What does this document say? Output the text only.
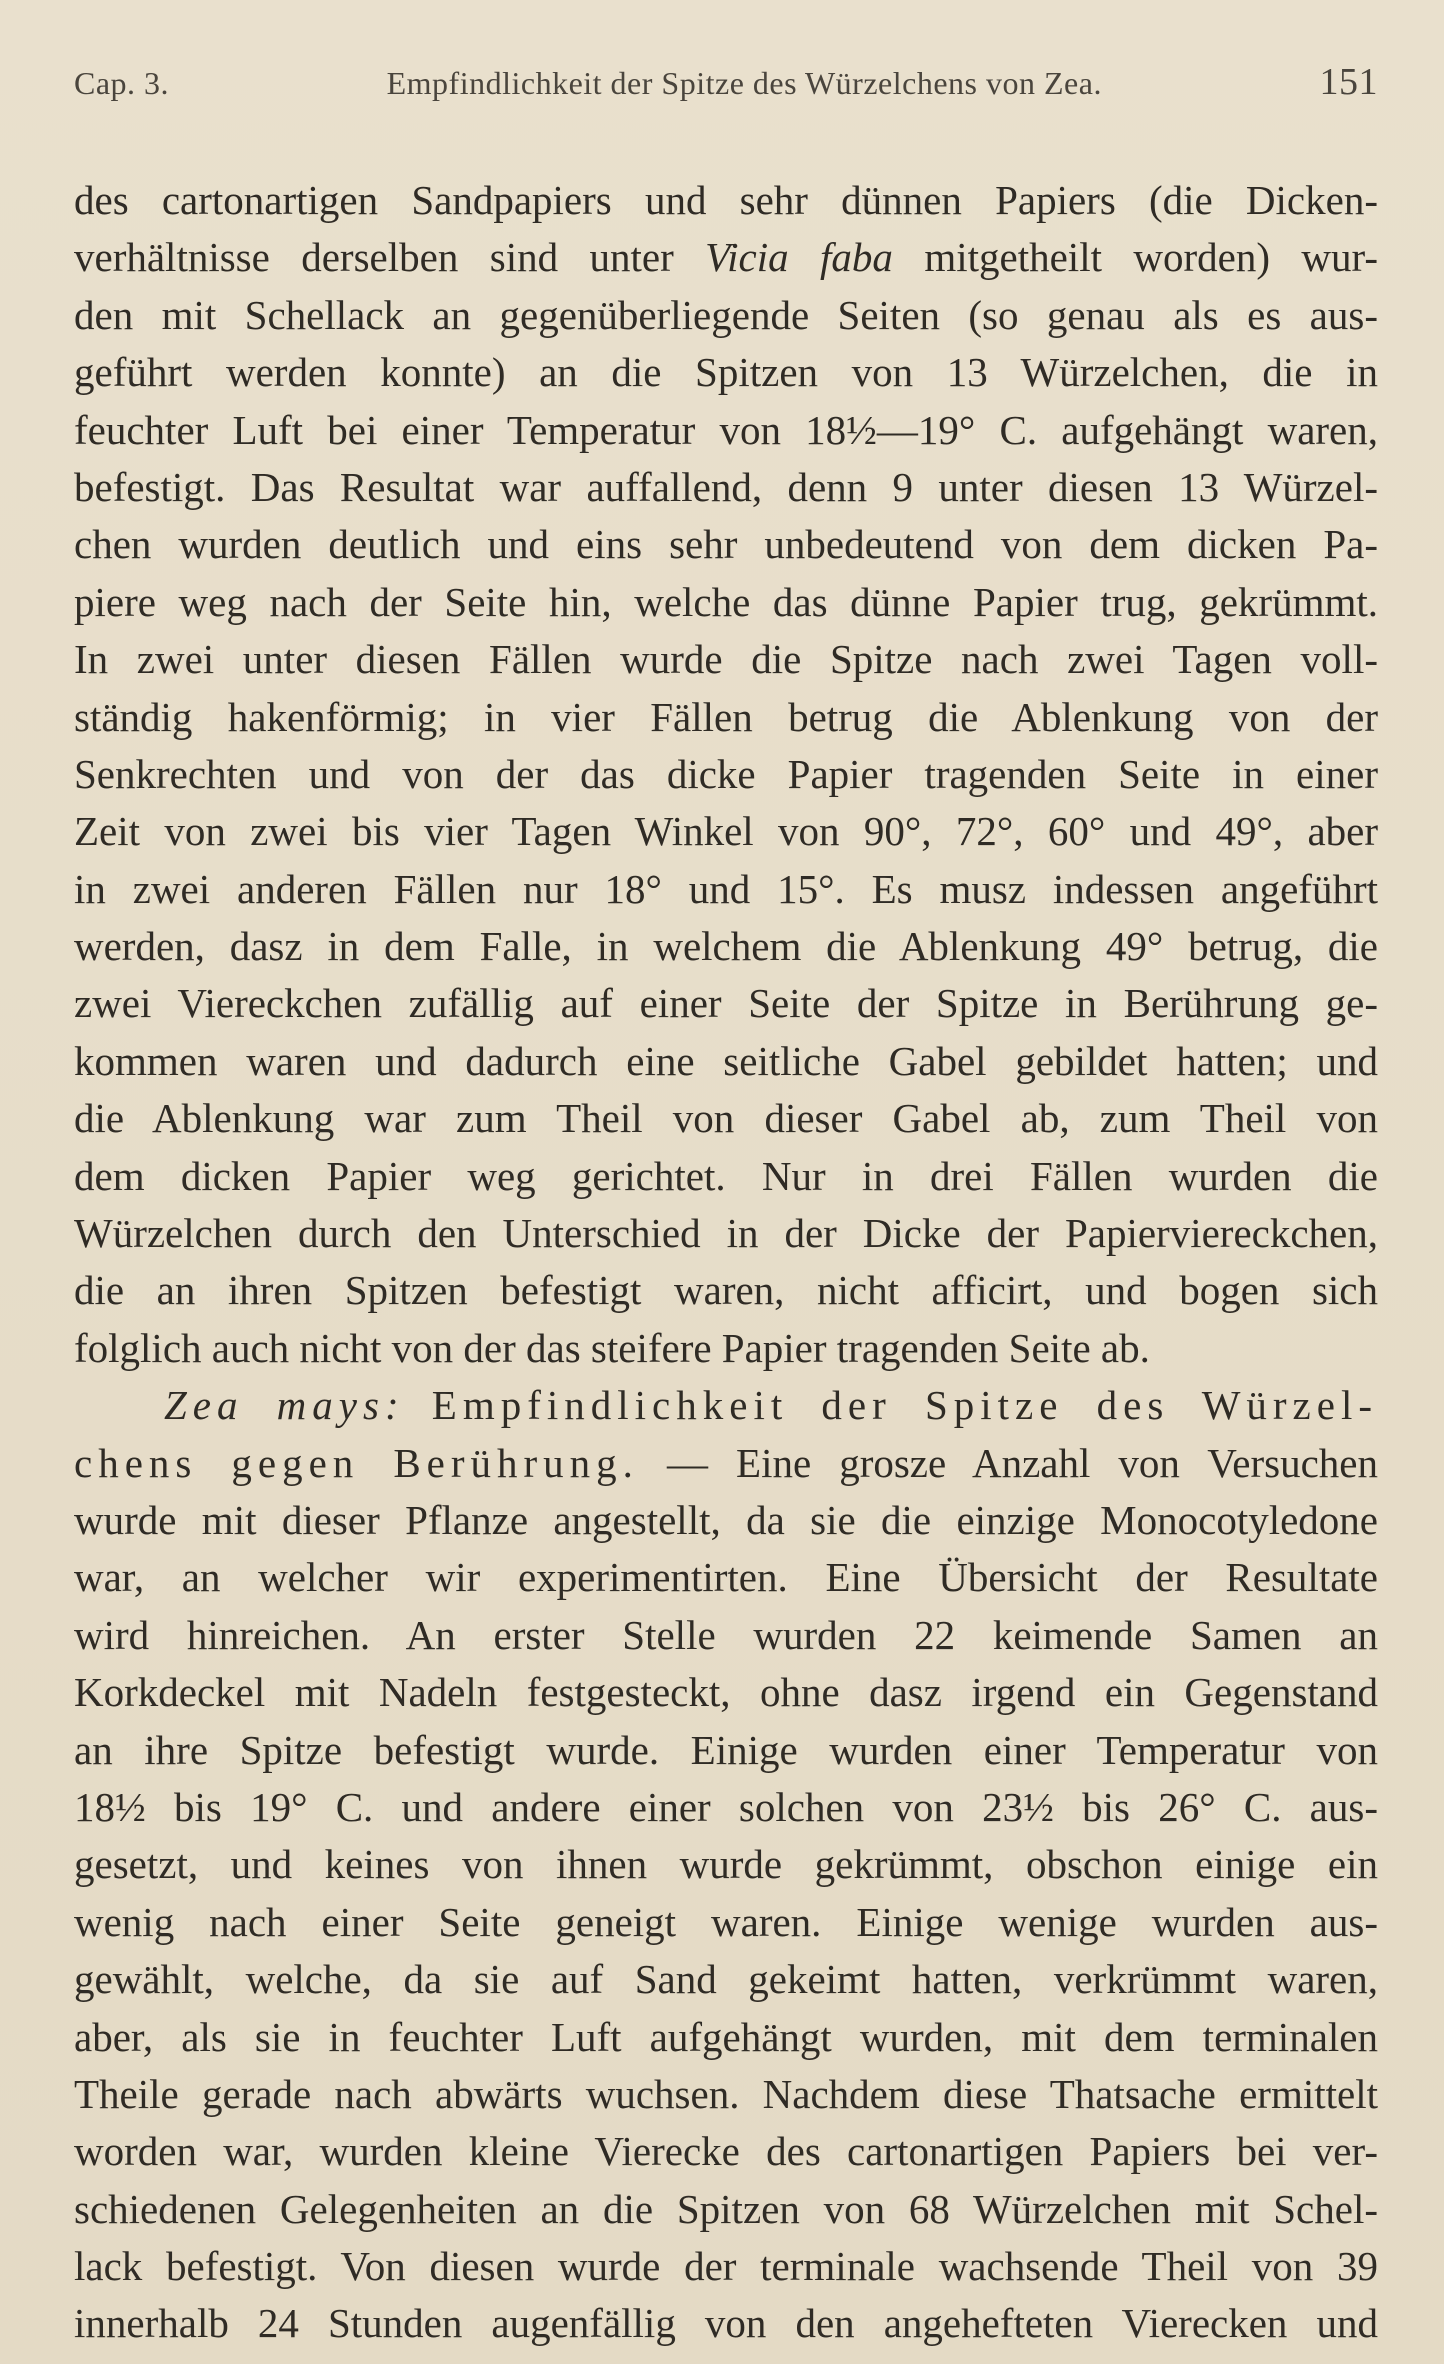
Cap. 3.	Empfindlichkeit der Spitze des Würzelchens von Zea.	151
des cartonartigen Sandpapiers und sehr dünnen Papiers (die Dicken-
verhältnisse derselben sind unter Vicia faba mitgetheilt worden) wur-
den mit Schellack an gegenüberliegende Seiten (so genau als es aus-
geführt werden konnte) an die Spitzen von 13 Würzelchen, die in
feuchter Luft bei einer Temperatur von 18½—19° C. aufgehängt waren,
befestigt. Das Resultat war auffallend, denn 9 unter diesen 13 Würzel-
chen wurden deutlich und eins sehr unbedeutend von dem dicken Pa-
piere weg nach der Seite hin, welche das dünne Papier trug, gekrümmt.
In zwei unter diesen Fällen wurde die Spitze nach zwei Tagen voll-
ständig hakenförmig; in vier Fällen betrug die Ablenkung von der
Senkrechten und von der das dicke Papier tragenden Seite in einer
Zeit von zwei bis vier Tagen Winkel von 90°, 72°, 60° und 49°, aber
in zwei anderen Fällen nur 18° und 15°. Es musz indessen angeführt
werden, dasz in dem Falle, in welchem die Ablenkung 49° betrug, die
zwei Viereckchen zufällig auf einer Seite der Spitze in Berührung ge-
kommen waren und dadurch eine seitliche Gabel gebildet hatten; und
die Ablenkung war zum Theil von dieser Gabel ab, zum Theil von
dem dicken Papier weg gerichtet. Nur in drei Fällen wurden die
Würzelchen durch den Unterschied in der Dicke der Papierviereckchen,
die an ihren Spitzen befestigt waren, nicht afficirt, und bogen sich
folglich auch nicht von der das steifere Papier tragenden Seite ab.
Zea mays: Empfindlichkeit der Spitze des Würzel-
chens gegen Berührung. — Eine grosze Anzahl von Versuchen
wurde mit dieser Pflanze angestellt, da sie die einzige Monocotyledone
war, an welcher wir experimentirten. Eine Übersicht der Resultate
wird hinreichen. An erster Stelle wurden 22 keimende Samen an
Korkdeckel mit Nadeln festgesteckt, ohne dasz irgend ein Gegenstand
an ihre Spitze befestigt wurde. Einige wurden einer Temperatur von
18½ bis 19° C. und andere einer solchen von 23½ bis 26° C. aus-
gesetzt, und keines von ihnen wurde gekrümmt, obschon einige ein
wenig nach einer Seite geneigt waren. Einige wenige wurden aus-
gewählt, welche, da sie auf Sand gekeimt hatten, verkrümmt waren,
aber, als sie in feuchter Luft aufgehängt wurden, mit dem terminalen
Theile gerade nach abwärts wuchsen. Nachdem diese Thatsache ermittelt
worden war, wurden kleine Vierecke des cartonartigen Papiers bei ver-
schiedenen Gelegenheiten an die Spitzen von 68 Würzelchen mit Schel-
lack befestigt. Von diesen wurde der terminale wachsende Theil von 39
innerhalb 24 Stunden augenfällig von den angehefteten Vierecken und
